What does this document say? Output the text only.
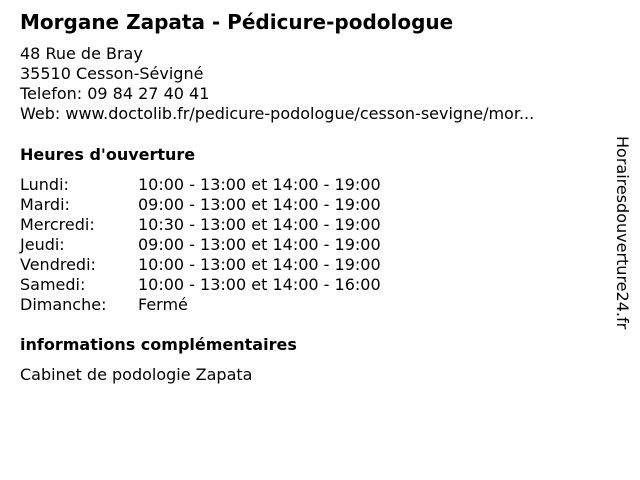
Morgane Zapata - Pédicure-podologue
48 Rue de Bray
35510 Cesson-Sévigné
Telefon: 09 84 27 40 41
Web: www.doctolib.fr/pedicure-podologue/cesson-sevigne/mor...
Heures d'ouverture
Lundi:	10:00 - 13:00 et 14:00 - 19:00
Mardi:	09:00 - 13:00 et 14:00 - 19:00
Mercredi:	10:30 - 13:00 et 14:00 - 19:00
Jeudi:	09:00 - 13:00 et 14:00 - 19:00
Vendredi:	10:00 - 13:00 et 14:00 - 19:00
Samedi:	10:00 - 13:00 et 14:00 - 16:00
Dimanche: Fermé
informations complémentaires
Cabinet de podologie Zapata
Horairesdouverture24.fr
